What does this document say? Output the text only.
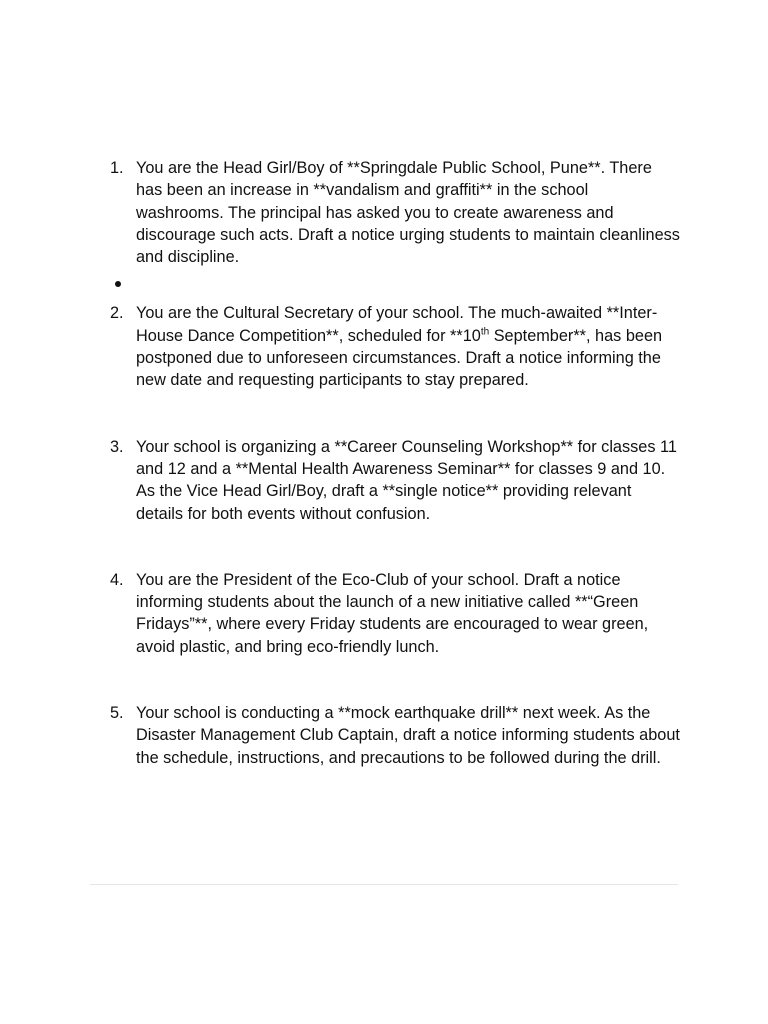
1. You are the Head Girl/Boy of **Springdale Public School, Pune**. There has been an increase in **vandalism and graffiti** in the school washrooms. The principal has asked you to create awareness and discourage such acts. Draft a notice urging students to maintain cleanliness and discipline.
2. You are the Cultural Secretary of your school. The much-awaited **Inter-House Dance Competition**, scheduled for **10th September**, has been postponed due to unforeseen circumstances. Draft a notice informing the new date and requesting participants to stay prepared.
3. Your school is organizing a **Career Counseling Workshop** for classes 11 and 12 and a **Mental Health Awareness Seminar** for classes 9 and 10. As the Vice Head Girl/Boy, draft a **single notice** providing relevant details for both events without confusion.
4. You are the President of the Eco-Club of your school. Draft a notice informing students about the launch of a new initiative called **“Green Fridays”**, where every Friday students are encouraged to wear green, avoid plastic, and bring eco-friendly lunch.
5. Your school is conducting a **mock earthquake drill** next week. As the Disaster Management Club Captain, draft a notice informing students about the schedule, instructions, and precautions to be followed during the drill.
